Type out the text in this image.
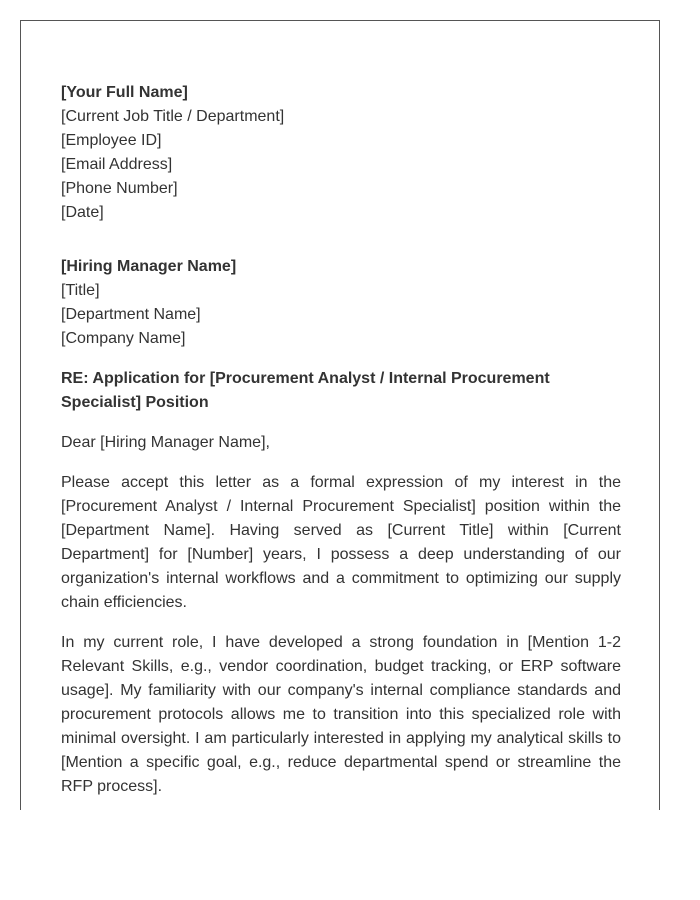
[Your Full Name]
[Current Job Title / Department]
[Employee ID]
[Email Address]
[Phone Number]
[Date]
[Hiring Manager Name]
[Title]
[Department Name]
[Company Name]

RE: Application for [Procurement Analyst / Internal Procurement Specialist] Position

Dear [Hiring Manager Name],

Please accept this letter as a formal expression of my interest in the [Procurement Analyst / Internal Procurement Specialist] position within the [Department Name]. Having served as [Current Title] within [Current Department] for [Number] years, I possess a deep understanding of our organization's internal workflows and a commitment to optimizing our supply chain efficiencies.

In my current role, I have developed a strong foundation in [Mention 1-2 Relevant Skills, e.g., vendor coordination, budget tracking, or ERP software usage]. My familiarity with our company's internal compliance standards and procurement protocols allows me to transition into this specialized role with minimal oversight. I am particularly interested in applying my analytical skills to [Mention a specific goal, e.g., reduce departmental spend or streamline the RFP process].
